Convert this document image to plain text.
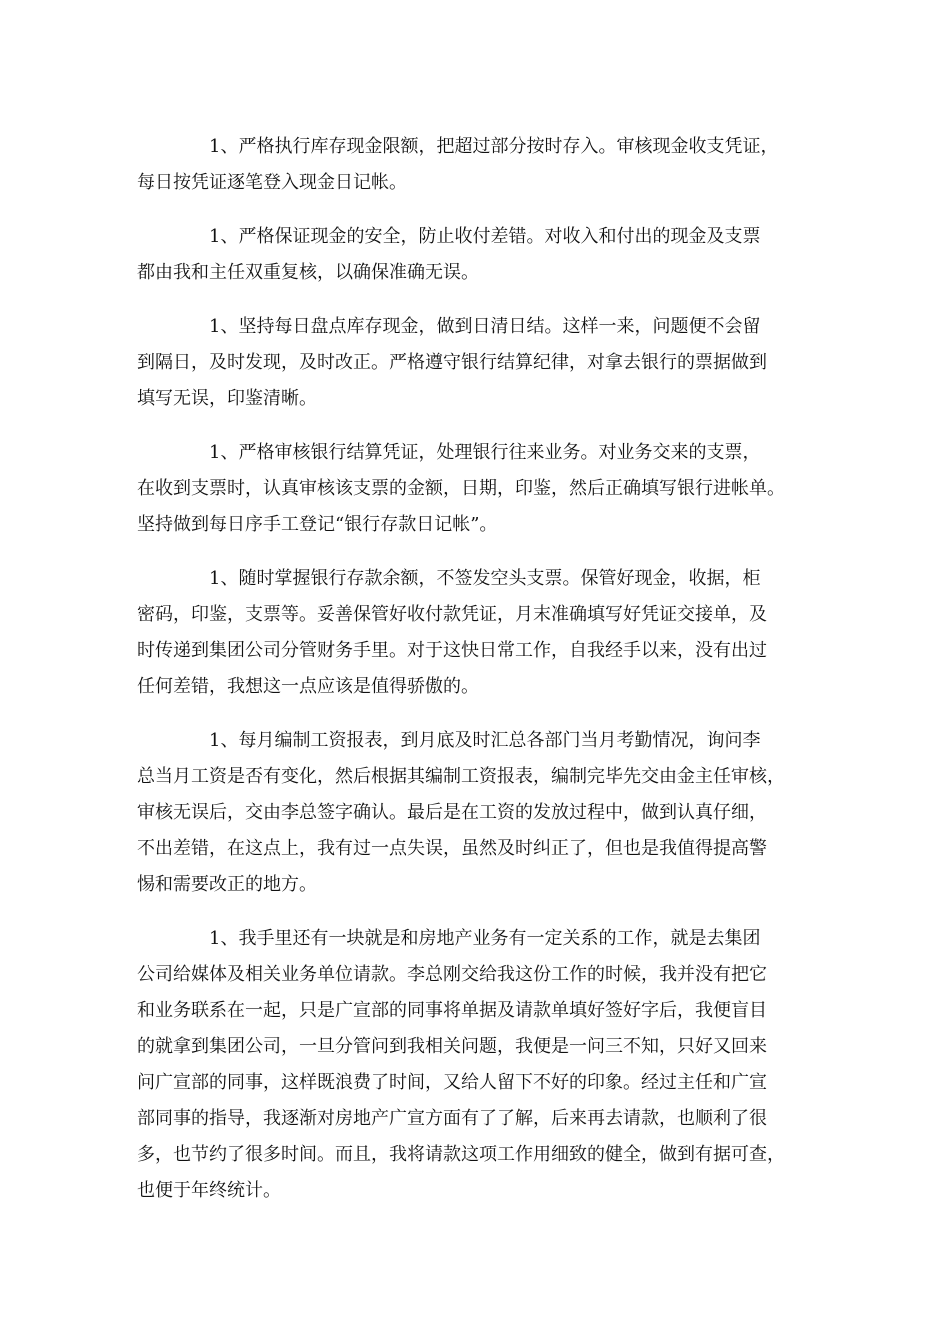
　　　　1、严格执行库存现金限额，把超过部分按时存入。审核现金收支凭证，
每日按凭证逐笔登入现金日记帐。

　　　　1、严格保证现金的安全，防止收付差错。对收入和付出的现金及支票
都由我和主任双重复核，以确保准确无误。

　　　　1、坚持每日盘点库存现金，做到日清日结。这样一来，问题便不会留
到隔日，及时发现，及时改正。严格遵守银行结算纪律，对拿去银行的票据做到
填写无误，印鉴清晰。

　　　　1、严格审核银行结算凭证，处理银行往来业务。对业务交来的支票，
在收到支票时，认真审核该支票的金额，日期，印鉴，然后正确填写银行进帐单。
坚持做到每日序手工登记“银行存款日记帐”。

　　　　1、随时掌握银行存款余额，不签发空头支票。保管好现金，收据，柜
密码，印鉴，支票等。妥善保管好收付款凭证，月末准确填写好凭证交接单，及
时传递到集团公司分管财务手里。对于这快日常工作，自我经手以来，没有出过
任何差错，我想这一点应该是值得骄傲的。

　　　　1、每月编制工资报表，到月底及时汇总各部门当月考勤情况，询问李
总当月工资是否有变化，然后根据其编制工资报表，编制完毕先交由金主任审核，
审核无误后，交由李总签字确认。最后是在工资的发放过程中，做到认真仔细，
不出差错，在这点上，我有过一点失误，虽然及时纠正了，但也是我值得提高警
惕和需要改正的地方。

　　　　1、我手里还有一块就是和房地产业务有一定关系的工作，就是去集团
公司给媒体及相关业务单位请款。李总刚交给我这份工作的时候，我并没有把它
和业务联系在一起，只是广宣部的同事将单据及请款单填好签好字后，我便盲目
的就拿到集团公司，一旦分管问到我相关问题，我便是一问三不知，只好又回来
问广宣部的同事，这样既浪费了时间，又给人留下不好的印象。经过主任和广宣
部同事的指导，我逐渐对房地产广宣方面有了了解，后来再去请款，也顺利了很
多，也节约了很多时间。而且，我将请款这项工作用细致的健全，做到有据可查，
也便于年终统计。
